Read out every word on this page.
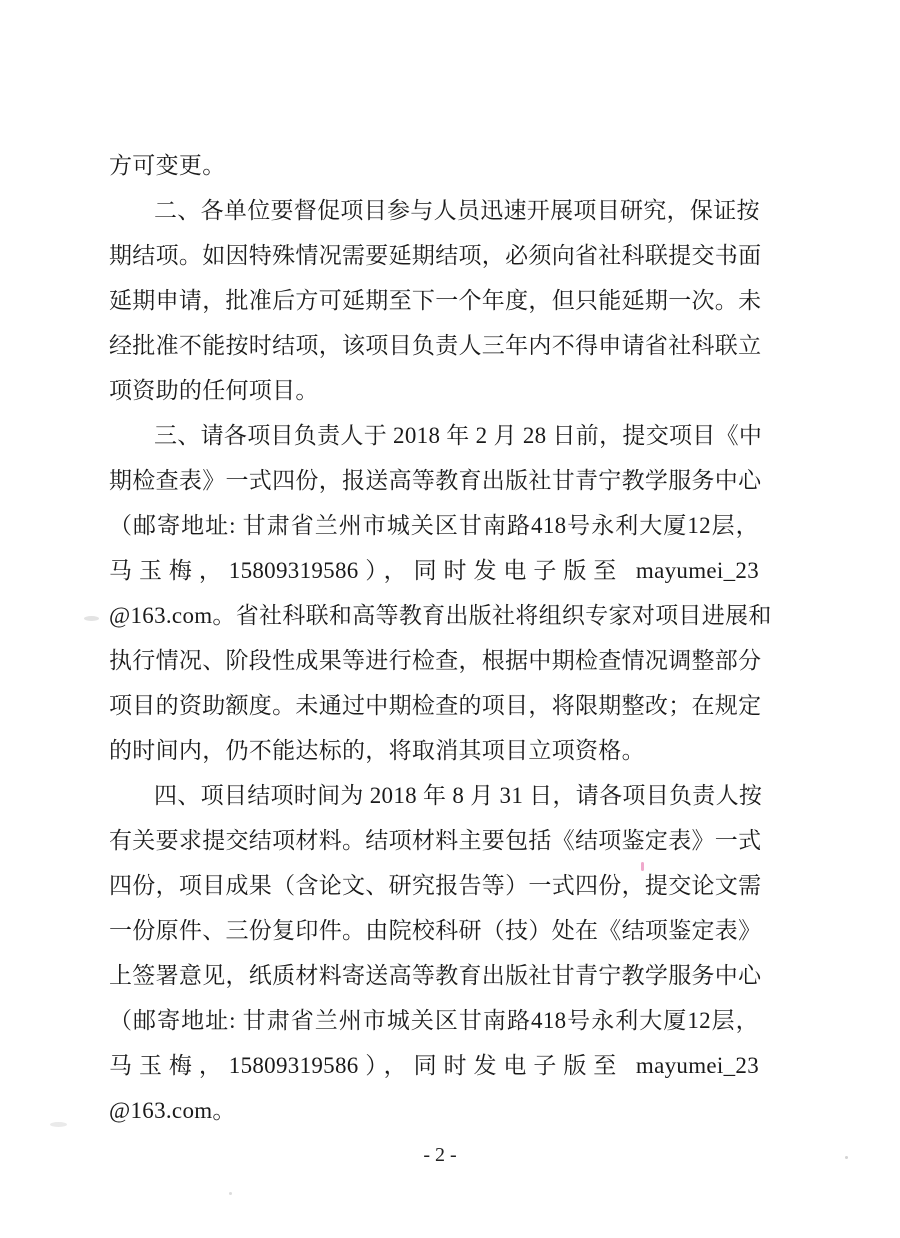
方可变更。
二、各单位要督促项目参与人员迅速开展项目研究，保证按
期结项。如因特殊情况需要延期结项，必须向省社科联提交书面
延期申请，批准后方可延期至下一个年度，但只能延期一次。未
经批准不能按时结项，该项目负责人三年内不得申请省社科联立
项资助的任何项目。
三、请各项目负责人于 2018 年 2 月 28 日前，提交项目《中
期检查表》一式四份，报送高等教育出版社甘青宁教学服务中心
（邮寄地址: 甘肃省兰州市城关区甘南路418号永利大厦12层，
马玉梅，15809319586），同时发电子版至 mayumei_23
@163.com。省社科联和高等教育出版社将组织专家对项目进展和
执行情况、阶段性成果等进行检查，根据中期检查情况调整部分
项目的资助额度。未通过中期检查的项目，将限期整改；在规定
的时间内，仍不能达标的，将取消其项目立项资格。
四、项目结项时间为 2018 年 8 月 31 日，请各项目负责人按
有关要求提交结项材料。结项材料主要包括《结项鉴定表》一式
四份，项目成果（含论文、研究报告等）一式四份，提交论文需
一份原件、三份复印件。由院校科研（技）处在《结项鉴定表》
上签署意见，纸质材料寄送高等教育出版社甘青宁教学服务中心
（邮寄地址: 甘肃省兰州市城关区甘南路418号永利大厦12层，
马玉梅，15809319586），同时发电子版至 mayumei_23
@163.com。
- 2 -
